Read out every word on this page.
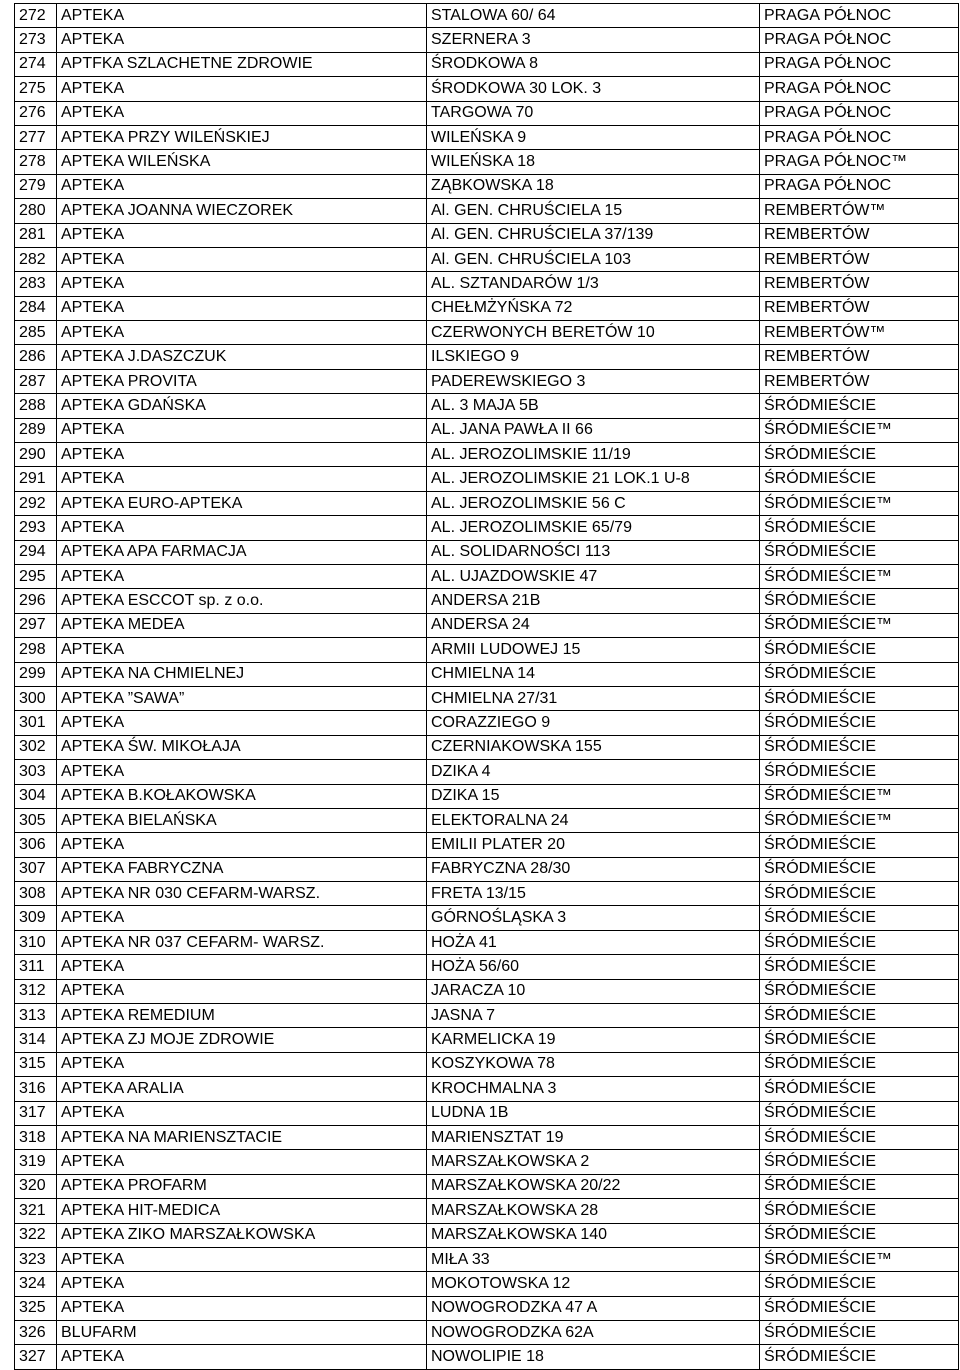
272	APTEKA	STALOWA 60/ 64	PRAGA PÓŁNOC
273	APTEKA	SZERNERA 3	PRAGA PÓŁNOC
274	APTFKA SZLACHETNE ZDROWIE	ŚRODKOWA 8	PRAGA PÓŁNOC
275	APTEKA	ŚRODKOWA 30 LOK. 3	PRAGA PÓŁNOC
276	APTEKA	TARGOWA 70	PRAGA PÓŁNOC
277	APTEKA PRZY WILEŃSKIEJ	WILEŃSKA 9	PRAGA PÓŁNOC
278	APTEKA WILEŃSKA	WILEŃSKA 18	PRAGA PÓŁNOC™
279	APTEKA	ZĄBKOWSKA 18	PRAGA PÓŁNOC
280	APTEKA JOANNA WIECZOREK	Al. GEN. CHRUŚCIELA 15	REMBERTÓW™
281	APTEKA	Al. GEN. CHRUŚCIELA 37/139	REMBERTÓW
282	APTEKA	Al. GEN. CHRUŚCIELA 103	REMBERTÓW
283	APTEKA	AL. SZTANDARÓW 1/3	REMBERTÓW
284	APTEKA	CHEŁMŻYŃSKA 72	REMBERTÓW
285	APTEKA	CZERWONYCH BERETÓW 10	REMBERTÓW™
286	APTEKA J.DASZCZUK	ILSKIEGO 9	REMBERTÓW
287	APTEKA PROVITA	PADEREWSKIEGO 3	REMBERTÓW
288	APTEKA GDAŃSKA	AL. 3 MAJA 5B	ŚRÓDMIEŚCIE
289	APTEKA	AL. JANA PAWŁA II 66	ŚRÓDMIEŚCIE™
290	APTEKA	AL. JEROZOLIMSKIE 11/19	ŚRÓDMIEŚCIE
291	APTEKA	AL. JEROZOLIMSKIE 21 LOK.1 U-8	ŚRÓDMIEŚCIE
292	APTEKA EURO-APTEKA	AL. JEROZOLIMSKIE 56 C	ŚRÓDMIEŚCIE™
293	APTEKA	AL. JEROZOLIMSKIE 65/79	ŚRÓDMIEŚCIE
294	APTEKA APA FARMACJA	AL. SOLIDARNOŚCI 113	ŚRÓDMIEŚCIE
295	APTEKA	AL. UJAZDOWSKIE 47	ŚRÓDMIEŚCIE™
296	APTEKA ESCCOT sp. z o.o.	ANDERSA 21B	ŚRÓDMIEŚCIE
297	APTEKA MEDEA	ANDERSA 24	ŚRÓDMIEŚCIE™
298	APTEKA	ARMII LUDOWEJ 15	ŚRÓDMIEŚCIE
299	APTEKA NA CHMIELNEJ	CHMIELNA 14	ŚRÓDMIEŚCIE
300	APTEKA ”SAWA”	CHMIELNA 27/31	ŚRÓDMIEŚCIE
301	APTEKA	CORAZZIEGO 9	ŚRÓDMIEŚCIE
302	APTEKA ŚW. MIKOŁAJA	CZERNIAKOWSKA 155	ŚRÓDMIEŚCIE
303	APTEKA	DZIKA 4	ŚRÓDMIEŚCIE
304	APTEKA B.KOŁAKOWSKA	DZIKA 15	ŚRÓDMIEŚCIE™
305	APTEKA BIELAŃSKA	ELEKTORALNA 24	ŚRÓDMIEŚCIE™
306	APTEKA	EMILII PLATER 20	ŚRÓDMIEŚCIE
307	APTEKA FABRYCZNA	FABRYCZNA 28/30	ŚRÓDMIEŚCIE
308	APTEKA NR 030 CEFARM-WARSZ.	FRETA 13/15	ŚRÓDMIEŚCIE
309	APTEKA	GÓRNOŚLĄSKA 3	ŚRÓDMIEŚCIE
310	APTEKA NR 037 CEFARM- WARSZ.	HOŻA 41	ŚRÓDMIEŚCIE
311	APTEKA	HOŻA 56/60	ŚRÓDMIEŚCIE
312	APTEKA	JARACZA 10	ŚRÓDMIEŚCIE
313	APTEKA REMEDIUM	JASNA 7	ŚRÓDMIEŚCIE
314	APTEKA ZJ MOJE ZDROWIE	KARMELICKA 19	ŚRÓDMIEŚCIE
315	APTEKA	KOSZYKOWA 78	ŚRÓDMIEŚCIE
316	APTEKA ARALIA	KROCHMALNA 3	ŚRÓDMIEŚCIE
317	APTEKA	LUDNA 1B	ŚRÓDMIEŚCIE
318	APTEKA NA MARIENSZTACIE	MARIENSZTAT 19	ŚRÓDMIEŚCIE
319	APTEKA	MARSZAŁKOWSKA 2	ŚRÓDMIEŚCIE
320	APTEKA PROFARM	MARSZAŁKOWSKA 20/22	ŚRÓDMIEŚCIE
321	APTEKA HIT-MEDICA	MARSZAŁKOWSKA 28	ŚRÓDMIEŚCIE
322	APTEKA ZIKO MARSZAŁKOWSKA	MARSZAŁKOWSKA 140	ŚRÓDMIEŚCIE
323	APTEKA	MIŁA 33	ŚRÓDMIEŚCIE™
324	APTEKA	MOKOTOWSKA 12	ŚRÓDMIEŚCIE
325	APTEKA	NOWOGRODZKA 47 A	ŚRÓDMIEŚCIE
326	BLUFARM	NOWOGRODZKA 62A	ŚRÓDMIEŚCIE
327	APTEKA	NOWOLIPIE 18	ŚRÓDMIEŚCIE
